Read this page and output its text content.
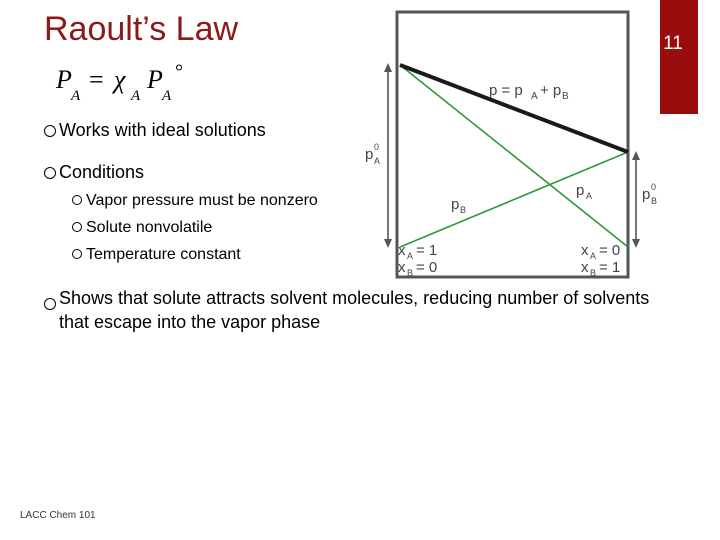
Raoult’s Law	11
P
A
= χ
A
P
A
°
Works with ideal solutions
Conditions
Vapor pressure must be nonzero
Solute nonvolatile
Temperature constant
	Shows that solute attracts solvent molecules, reducing number of solvents that escape into the vapor phase
p = p A + p B
p A
0
p B
0
p A
p B
x A = 1
x B = 0
x A = 0
x B = 1
LACC Chem 101
